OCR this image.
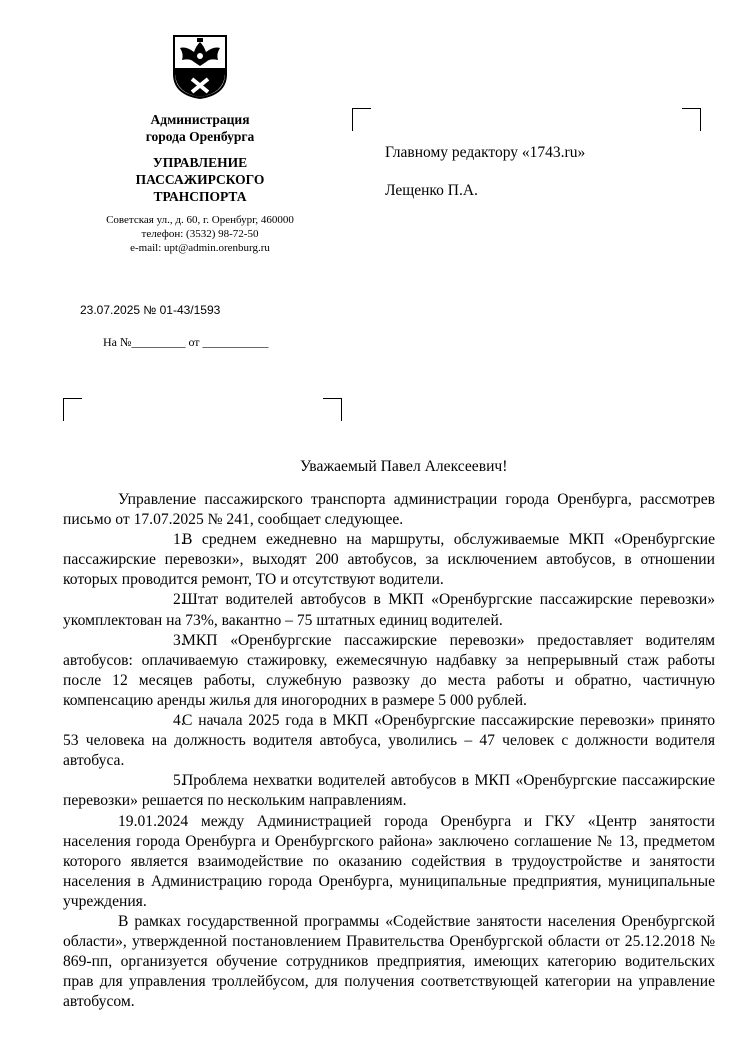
Администрация
города Оренбурга
УПРАВЛЕНИЕ
ПАССАЖИРСКОГО
ТРАНСПОРТА
Советская ул., д. 60, г. Оренбург, 460000
телефон: (3532) 98-72-50
e-mail: upt@admin.orenburg.ru
23.07.2025 № 01-43/1593
На №_________ от ___________
Главному редактору «1743.ru»
Лещенко П.А.
Уважаемый Павел Алексеевич!

Управление пассажирского транспорта администрации города Оренбурга, рассмотрев письмо от 17.07.2025 № 241, сообщает следующее.

1.В среднем ежедневно на маршруты, обслуживаемые МКП «Оренбургские пассажирские перевозки», выходят 200 автобусов, за исключением автобусов, в отношении которых проводится ремонт, ТО и отсутствуют водители.

2.Штат водителей автобусов в МКП «Оренбургские пассажирские перевозки» укомплектован на 73%, вакантно – 75 штатных единиц водителей.

3.МКП «Оренбургские пассажирские перевозки» предоставляет водителям автобусов: оплачиваемую стажировку, ежемесячную надбавку за непрерывный стаж работы после 12 месяцев работы, служебную развозку до места работы и обратно, частичную компенсацию аренды жилья для иногородних в размере 5 000 рублей.

4.С начала 2025 года в МКП «Оренбургские пассажирские перевозки» принято 53 человека на должность водителя автобуса, уволились – 47 человек с должности водителя автобуса.

5.Проблема нехватки водителей автобусов в МКП «Оренбургские пассажирские перевозки» решается по нескольким направлениям.

19.01.2024 между Администрацией города Оренбурга и ГКУ «Центр занятости населения города Оренбурга и Оренбургского района» заключено соглашение № 13, предметом которого является взаимодействие по оказанию содействия в трудоустройстве и занятости населения в Администрацию города Оренбурга, муниципальные предприятия, муниципальные учреждения.

В рамках государственной программы «Содействие занятости населения Оренбургской области», утвержденной постановлением Правительства Оренбургской области от 25.12.2018 № 869-пп, организуется обучение сотрудников предприятия, имеющих категорию водительских прав для управления троллейбусом, для получения соответствующей категории на управление автобусом.
